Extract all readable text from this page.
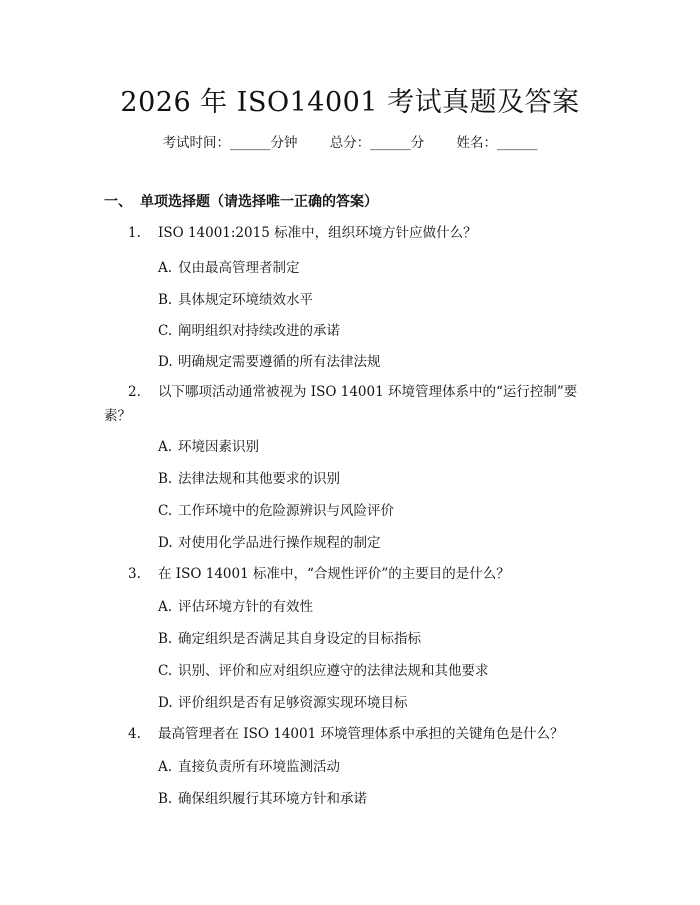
2026 年 ISO14001 考试真题及答案
考试时间：______分钟 总分：______分 姓名：______
一、 单项选择题（请选择唯一正确的答案）
1. ISO 14001:2015 标准中，组织环境方针应做什么？
A. 仅由最高管理者制定
B. 具体规定环境绩效水平
C. 阐明组织对持续改进的承诺
D. 明确规定需要遵循的所有法律法规
2. 以下哪项活动通常被视为 ISO 14001 环境管理体系中的“运行控制”要素？
A. 环境因素识别
B. 法律法规和其他要求的识别
C. 工作环境中的危险源辨识与风险评价
D. 对使用化学品进行操作规程的制定
3. 在 ISO 14001 标准中，“合规性评价”的主要目的是什么？
A. 评估环境方针的有效性
B. 确定组织是否满足其自身设定的目标指标
C. 识别、评价和应对组织应遵守的法律法规和其他要求
D. 评价组织是否有足够资源实现环境目标
4. 最高管理者在 ISO 14001 环境管理体系中承担的关键角色是什么？
A. 直接负责所有环境监测活动
B. 确保组织履行其环境方针和承诺
